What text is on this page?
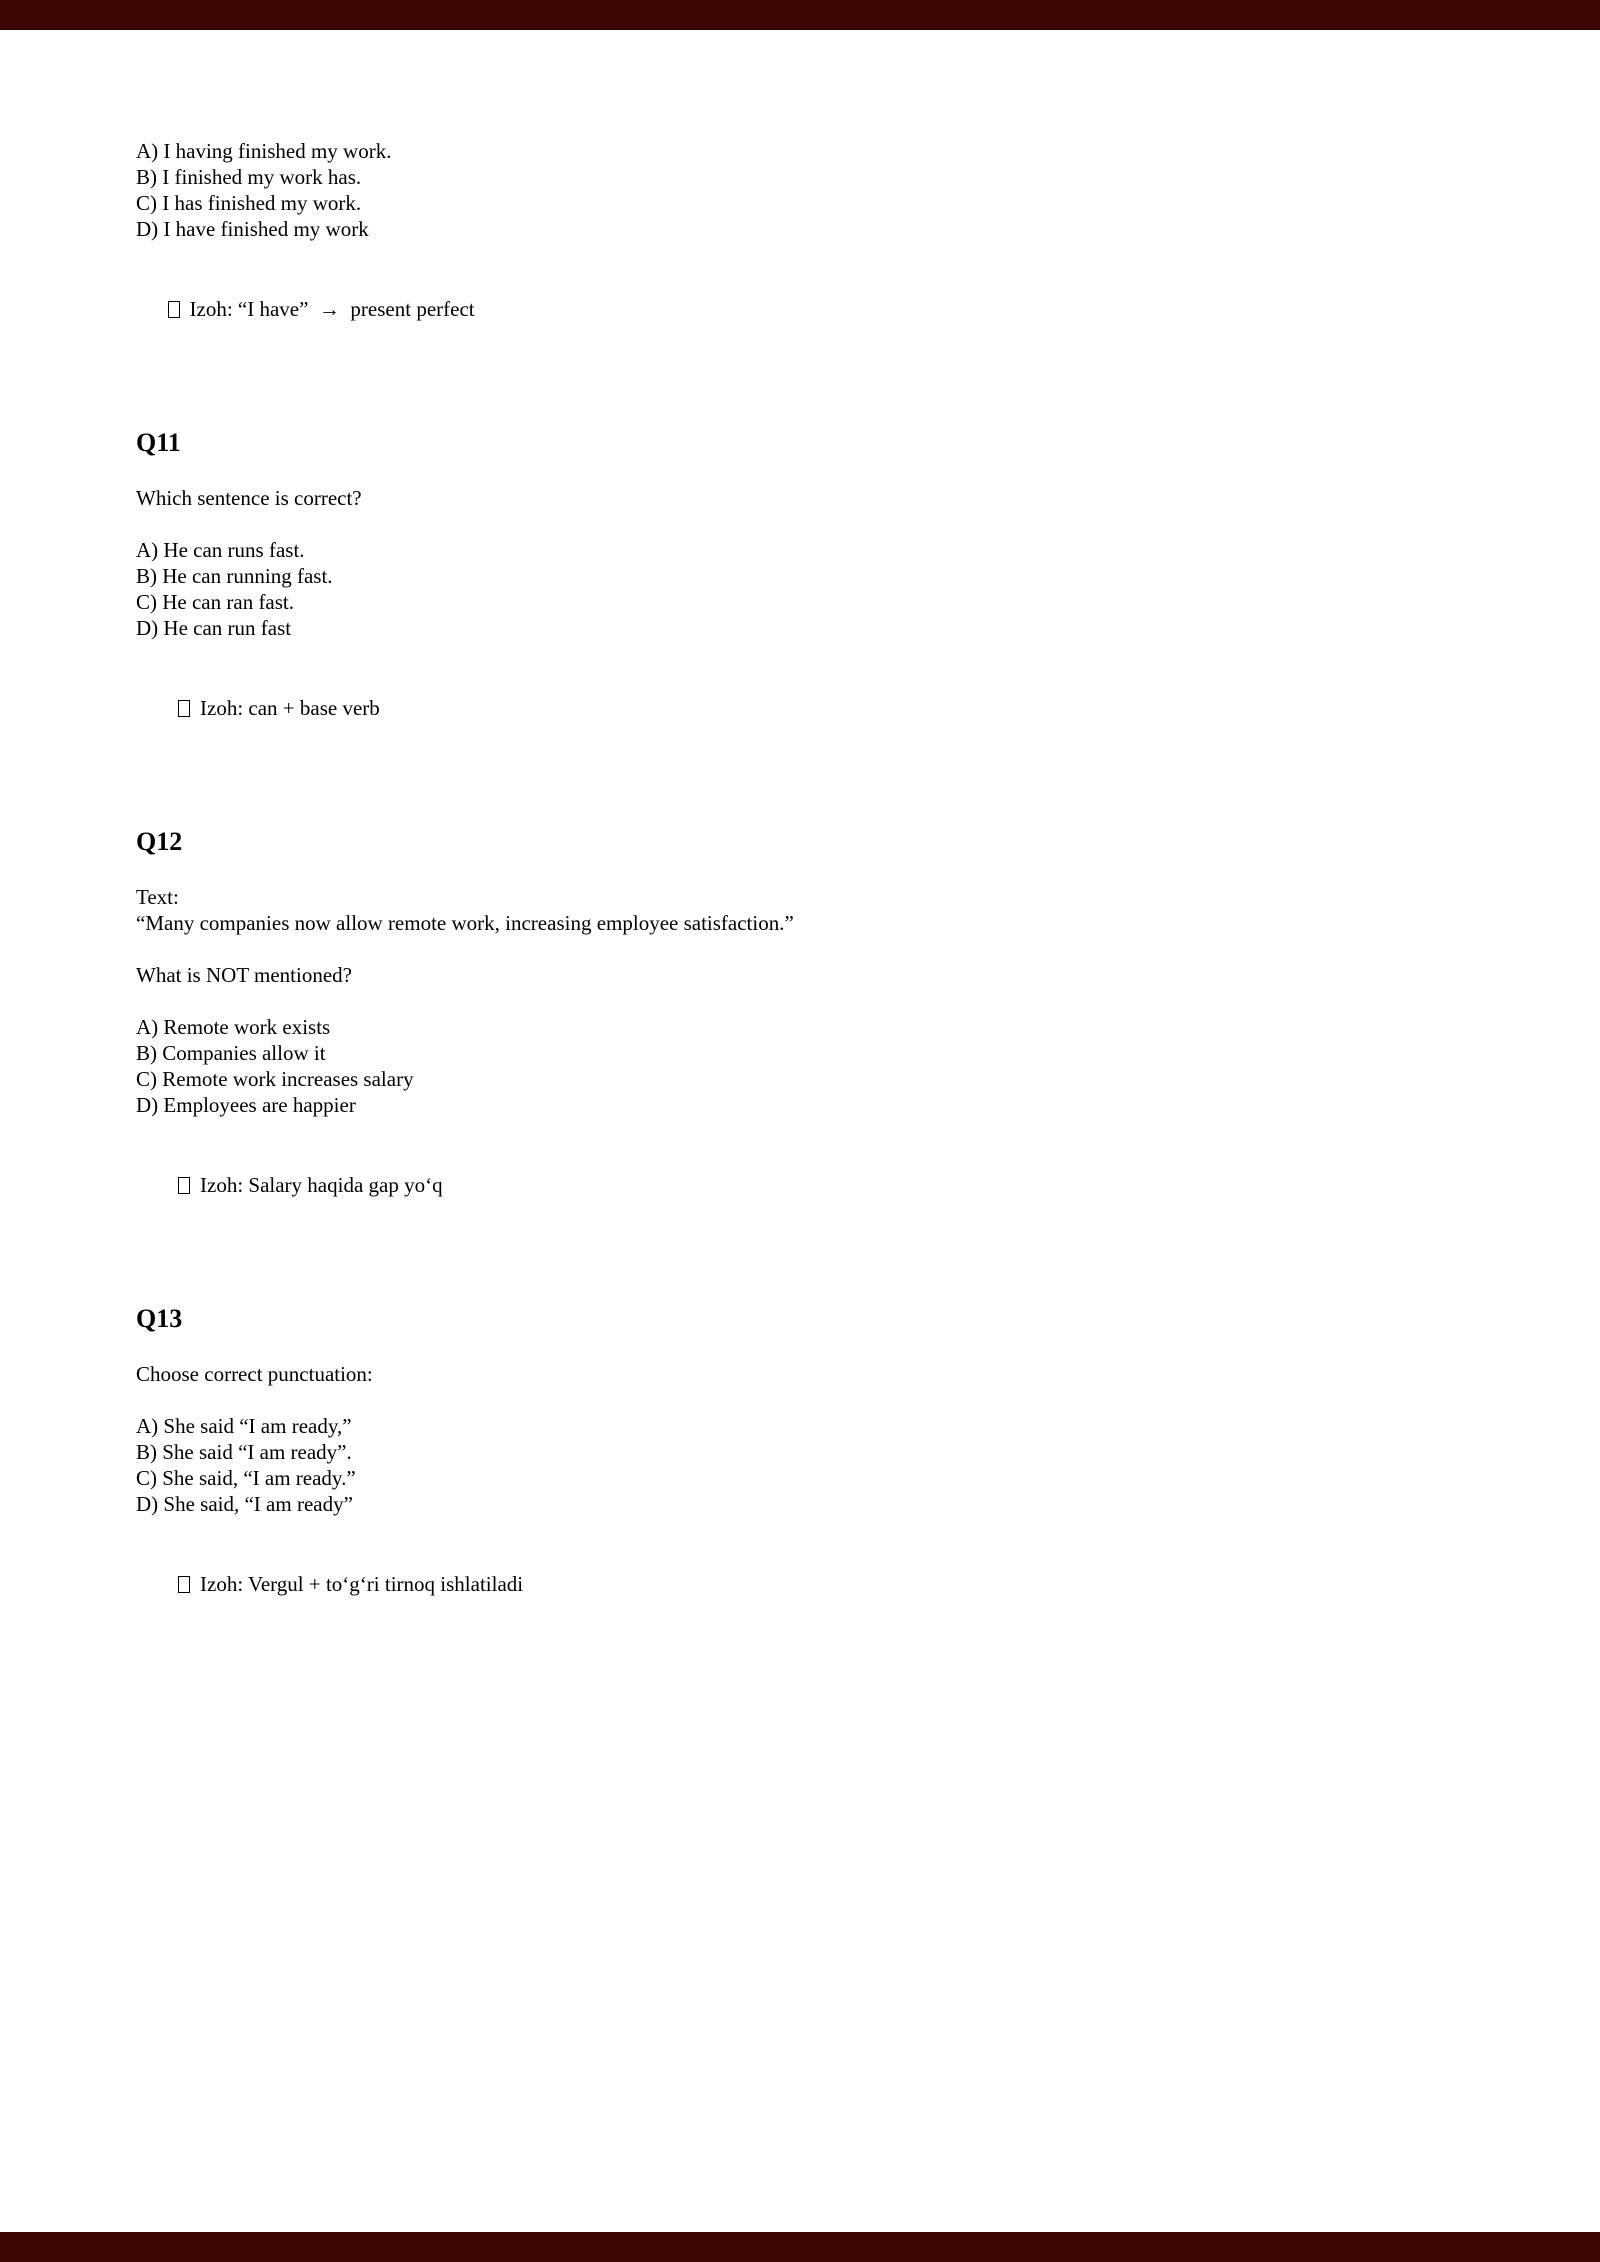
A) I having finished my work.
B) I finished my work has.
C) I has finished my work.
D) I have finished my work

Izoh: “I have”  →  present perfect

Q11
Which sentence is correct?
A) He can runs fast.
B) He can running fast.
C) He can ran fast.
D) He can run fast

Izoh: can + base verb

Q12
Text:
“Many companies now allow remote work, increasing employee satisfaction.”
What is NOT mentioned?
A) Remote work exists
B) Companies allow it
C) Remote work increases salary
D) Employees are happier

Izoh: Salary haqida gap yo‘q

Q13
Choose correct punctuation:
A) She said “I am ready,”
B) She said “I am ready”.
C) She said, “I am ready.”
D) She said, “I am ready”

Izoh: Vergul + to‘g‘ri tirnoq ishlatiladi
